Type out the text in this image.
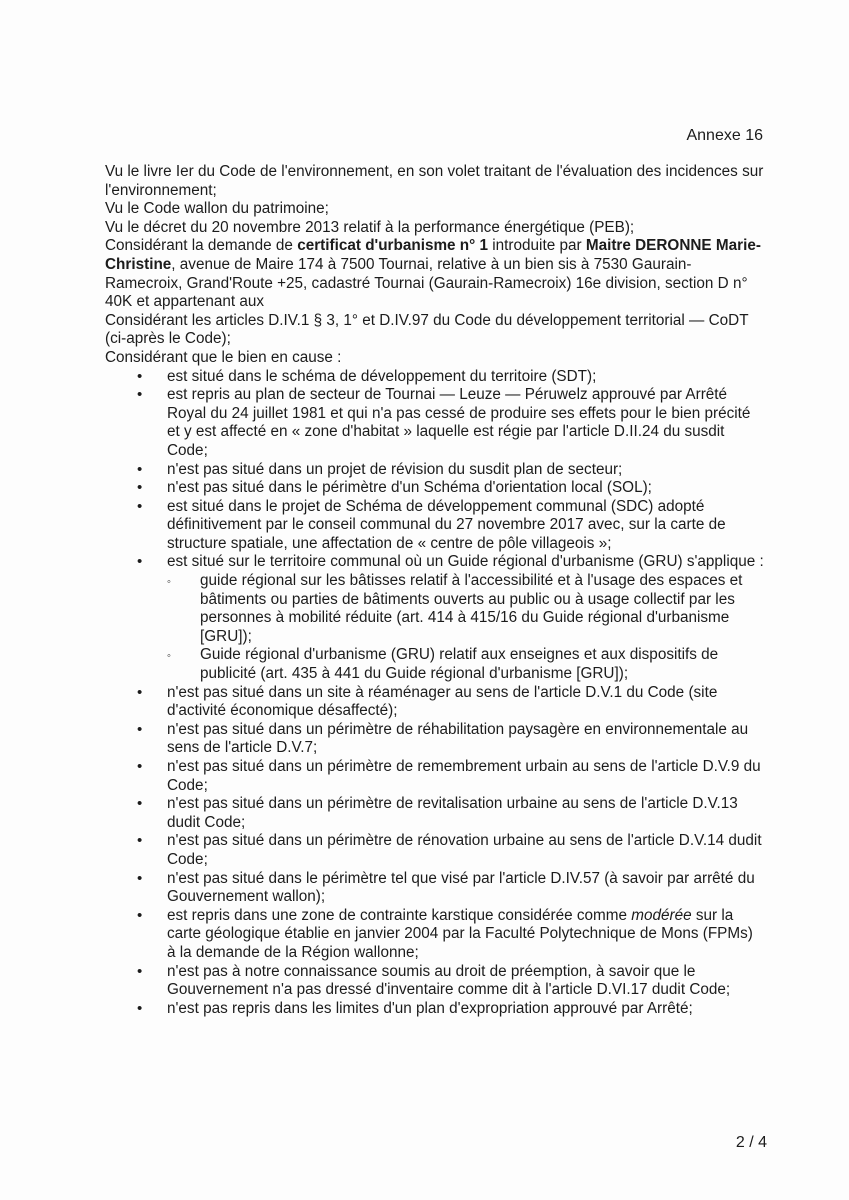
Annexe 16

Vu le livre Ier du Code de l'environnement, en son volet traitant de l'évaluation des incidences sur l'environnement;

Vu le Code wallon du patrimoine;

Vu le décret du 20 novembre 2013 relatif à la performance énergétique (PEB);

Considérant la demande de certificat d'urbanisme n° 1 introduite par Maitre DERONNE Marie-Christine, avenue de Maire 174 à 7500 Tournai, relative à un bien sis à 7530 Gaurain-Ramecroix, Grand'Route +25, cadastré Tournai (Gaurain-Ramecroix) 16e division, section D n° 40K et appartenant aux

Considérant les articles D.IV.1 § 3, 1° et D.IV.97 du Code du développement territorial — CoDT (ci-après le Code);

Considérant que le bien en cause :

• est situé dans le schéma de développement du territoire (SDT);
• est repris au plan de secteur de Tournai — Leuze — Péruwelz approuvé par Arrêté Royal du 24 juillet 1981 et qui n'a pas cessé de produire ses effets pour le bien précité et y est affecté en « zone d'habitat » laquelle est régie par l'article D.II.24 du susdit Code;
• n'est pas situé dans un projet de révision du susdit plan de secteur;
• n'est pas situé dans le périmètre d'un Schéma d'orientation local (SOL);
• est situé dans le projet de Schéma de développement communal (SDC) adopté définitivement par le conseil communal du 27 novembre 2017 avec, sur la carte de structure spatiale, une affectation de « centre de pôle villageois »;
• est situé sur le territoire communal où un Guide régional d'urbanisme (GRU) s'applique :
◦ guide régional sur les bâtisses relatif à l'accessibilité et à l'usage des espaces et bâtiments ou parties de bâtiments ouverts au public ou à usage collectif par les personnes à mobilité réduite (art. 414 à 415/16 du Guide régional d'urbanisme [GRU]);
◦ Guide régional d'urbanisme (GRU) relatif aux enseignes et aux dispositifs de publicité (art. 435 à 441 du Guide régional d'urbanisme [GRU]);
• n'est pas situé dans un site à réaménager au sens de l'article D.V.1 du Code (site d'activité économique désaffecté);
• n'est pas situé dans un périmètre de réhabilitation paysagère en environnementale au sens de l'article D.V.7;
• n'est pas situé dans un périmètre de remembrement urbain au sens de l'article D.V.9 du Code;
• n'est pas situé dans un périmètre de revitalisation urbaine au sens de l'article D.V.13 dudit Code;
• n'est pas situé dans un périmètre de rénovation urbaine au sens de l'article D.V.14 dudit Code;
• n'est pas situé dans le périmètre tel que visé par l'article D.IV.57 (à savoir par arrêté du Gouvernement wallon);
• est repris dans une zone de contrainte karstique considérée comme modérée sur la carte géologique établie en janvier 2004 par la Faculté Polytechnique de Mons (FPMs) à la demande de la Région wallonne;
• n'est pas à notre connaissance soumis au droit de préemption, à savoir que le Gouvernement n'a pas dressé d'inventaire comme dit à l'article D.VI.17 dudit Code;
• n'est pas repris dans les limites d'un plan d'expropriation approuvé par Arrêté;
2 / 4
